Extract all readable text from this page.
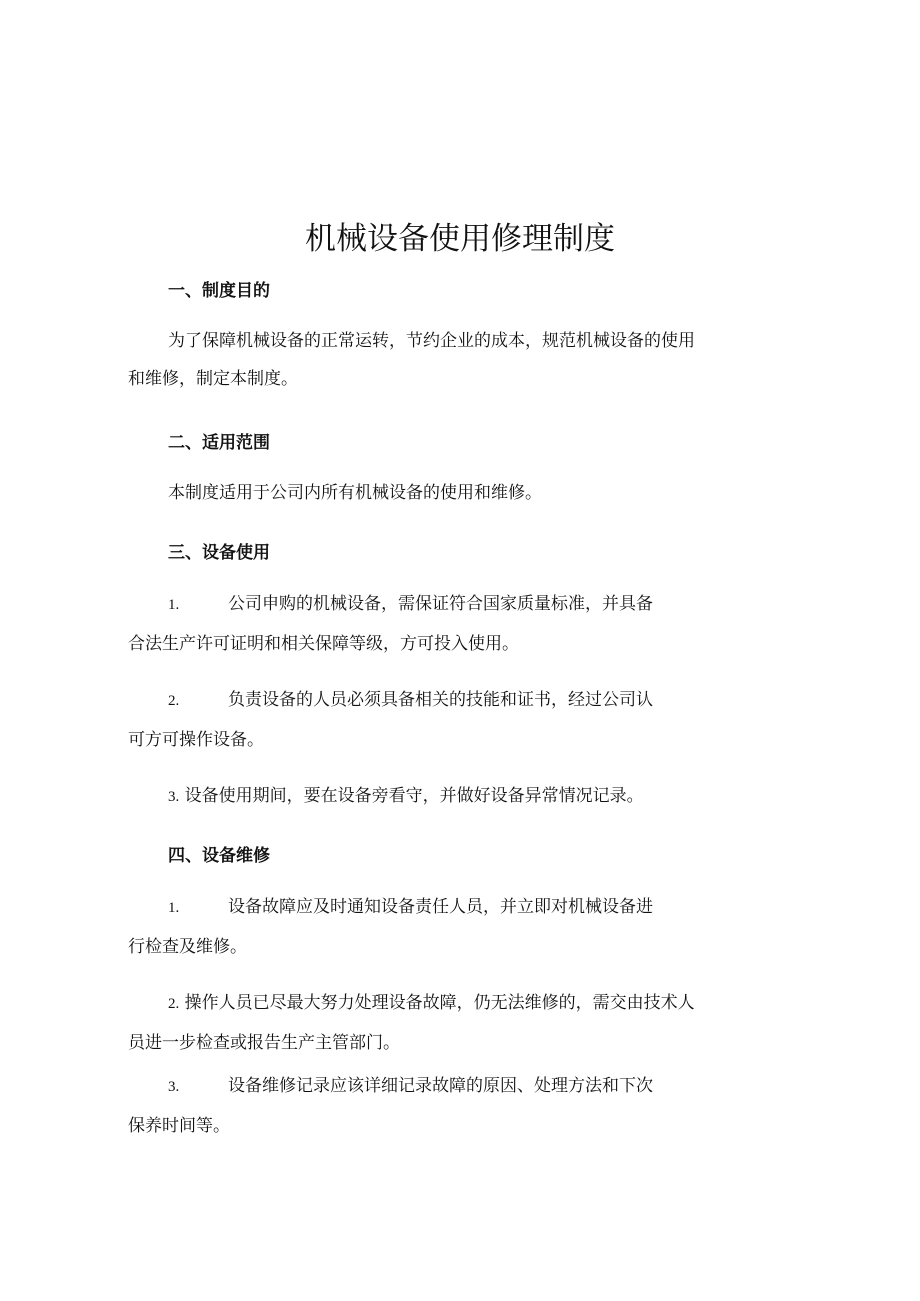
机械设备使用修理制度
一、制度目的

为了保障机械设备的正常运转，节约企业的成本，规范机械设备的使用

和维修，制定本制度。

二、适用范围

本制度适用于公司内所有机械设备的使用和维修。

三、设备使用

1.	公司申购的机械设备，需保证符合国家质量标准，并具备

合法生产许可证明和相关保障等级，方可投入使用。

2.	负责设备的人员必须具备相关的技能和证书，经过公司认

可方可操作设备。

3. 设备使用期间，要在设备旁看守，并做好设备异常情况记录。

四、设备维修

1.	设备故障应及时通知设备责任人员，并立即对机械设备进

行检查及维修。

2. 操作人员已尽最大努力处理设备故障，仍无法维修的，需交由技术人

员进一步检查或报告生产主管部门。

3.	设备维修记录应该详细记录故障的原因、处理方法和下次

保养时间等。
